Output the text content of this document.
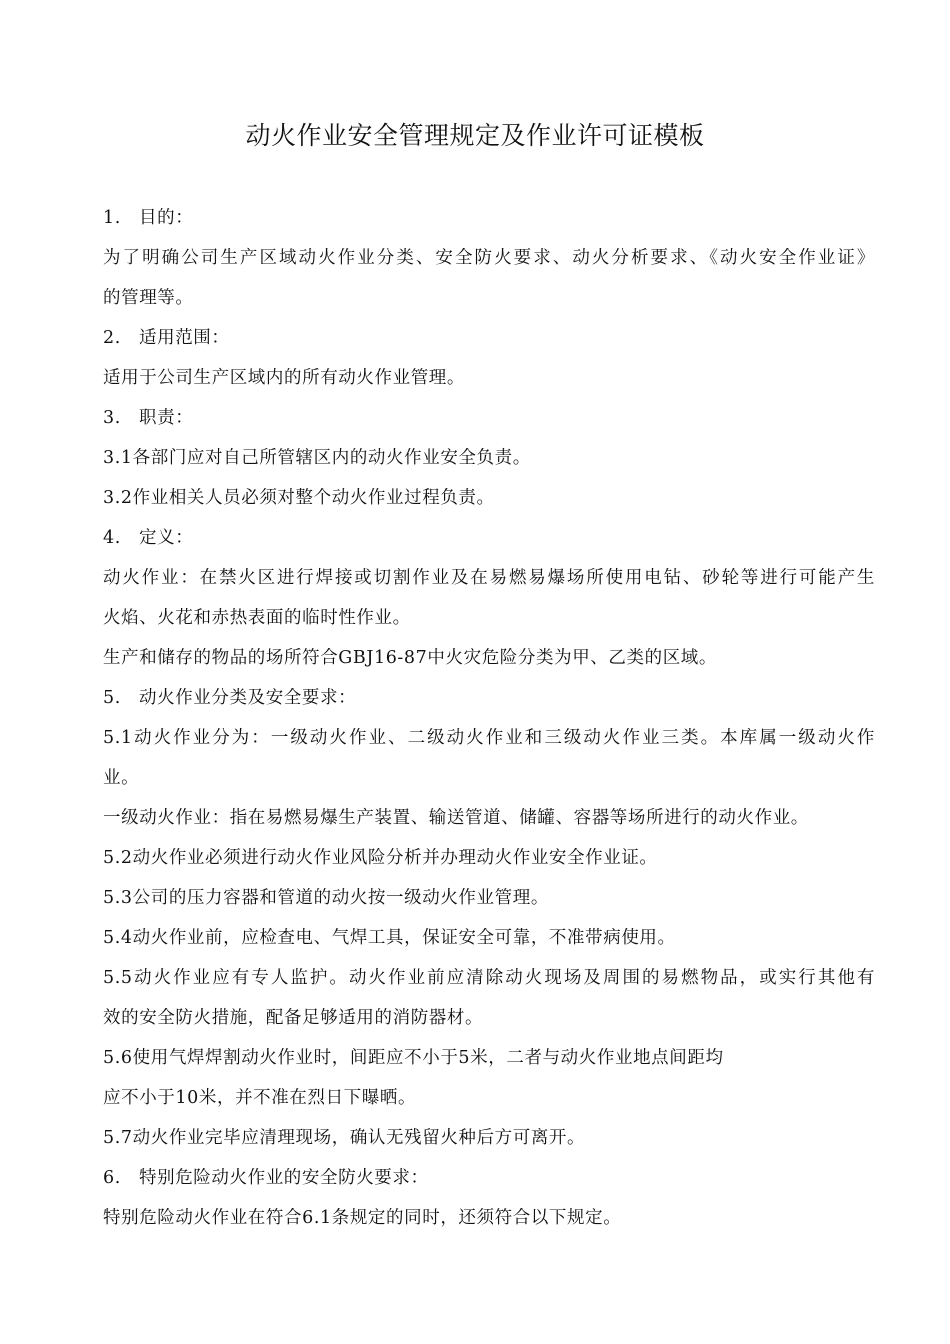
动火作业安全管理规定及作业许可证模板
1.　目的：
为了明确公司生产区域动火作业分类、安全防火要求、动火分析要求、《动火安全作业证》
的管理等。
2.　适用范围：
适用于公司生产区域内的所有动火作业管理。
3.　职责：
3.1各部门应对自己所管辖区内的动火作业安全负责。
3.2作业相关人员必须对整个动火作业过程负责。
4.　定义：
动火作业：在禁火区进行焊接或切割作业及在易燃易爆场所使用电钻、砂轮等进行可能产生
火焰、火花和赤热表面的临时性作业。
生产和储存的物品的场所符合GBJ16-87中火灾危险分类为甲、乙类的区域。
5.　动火作业分类及安全要求：
5.1动火作业分为：一级动火作业、二级动火作业和三级动火作业三类。本库属一级动火作
业。
一级动火作业：指在易燃易爆生产装置、输送管道、储罐、容器等场所进行的动火作业。
5.2动火作业必须进行动火作业风险分析并办理动火作业安全作业证。
5.3公司的压力容器和管道的动火按一级动火作业管理。
5.4动火作业前，应检查电、气焊工具，保证安全可靠，不准带病使用。
5.5动火作业应有专人监护。动火作业前应清除动火现场及周围的易燃物品，或实行其他有
效的安全防火措施，配备足够适用的消防器材。
5.6使用气焊焊割动火作业时，间距应不小于5米，二者与动火作业地点间距均
应不小于10米，并不准在烈日下曝晒。
5.7动火作业完毕应清理现场，确认无残留火种后方可离开。
6.　特别危险动火作业的安全防火要求：
特别危险动火作业在符合6.1条规定的同时，还须符合以下规定。
